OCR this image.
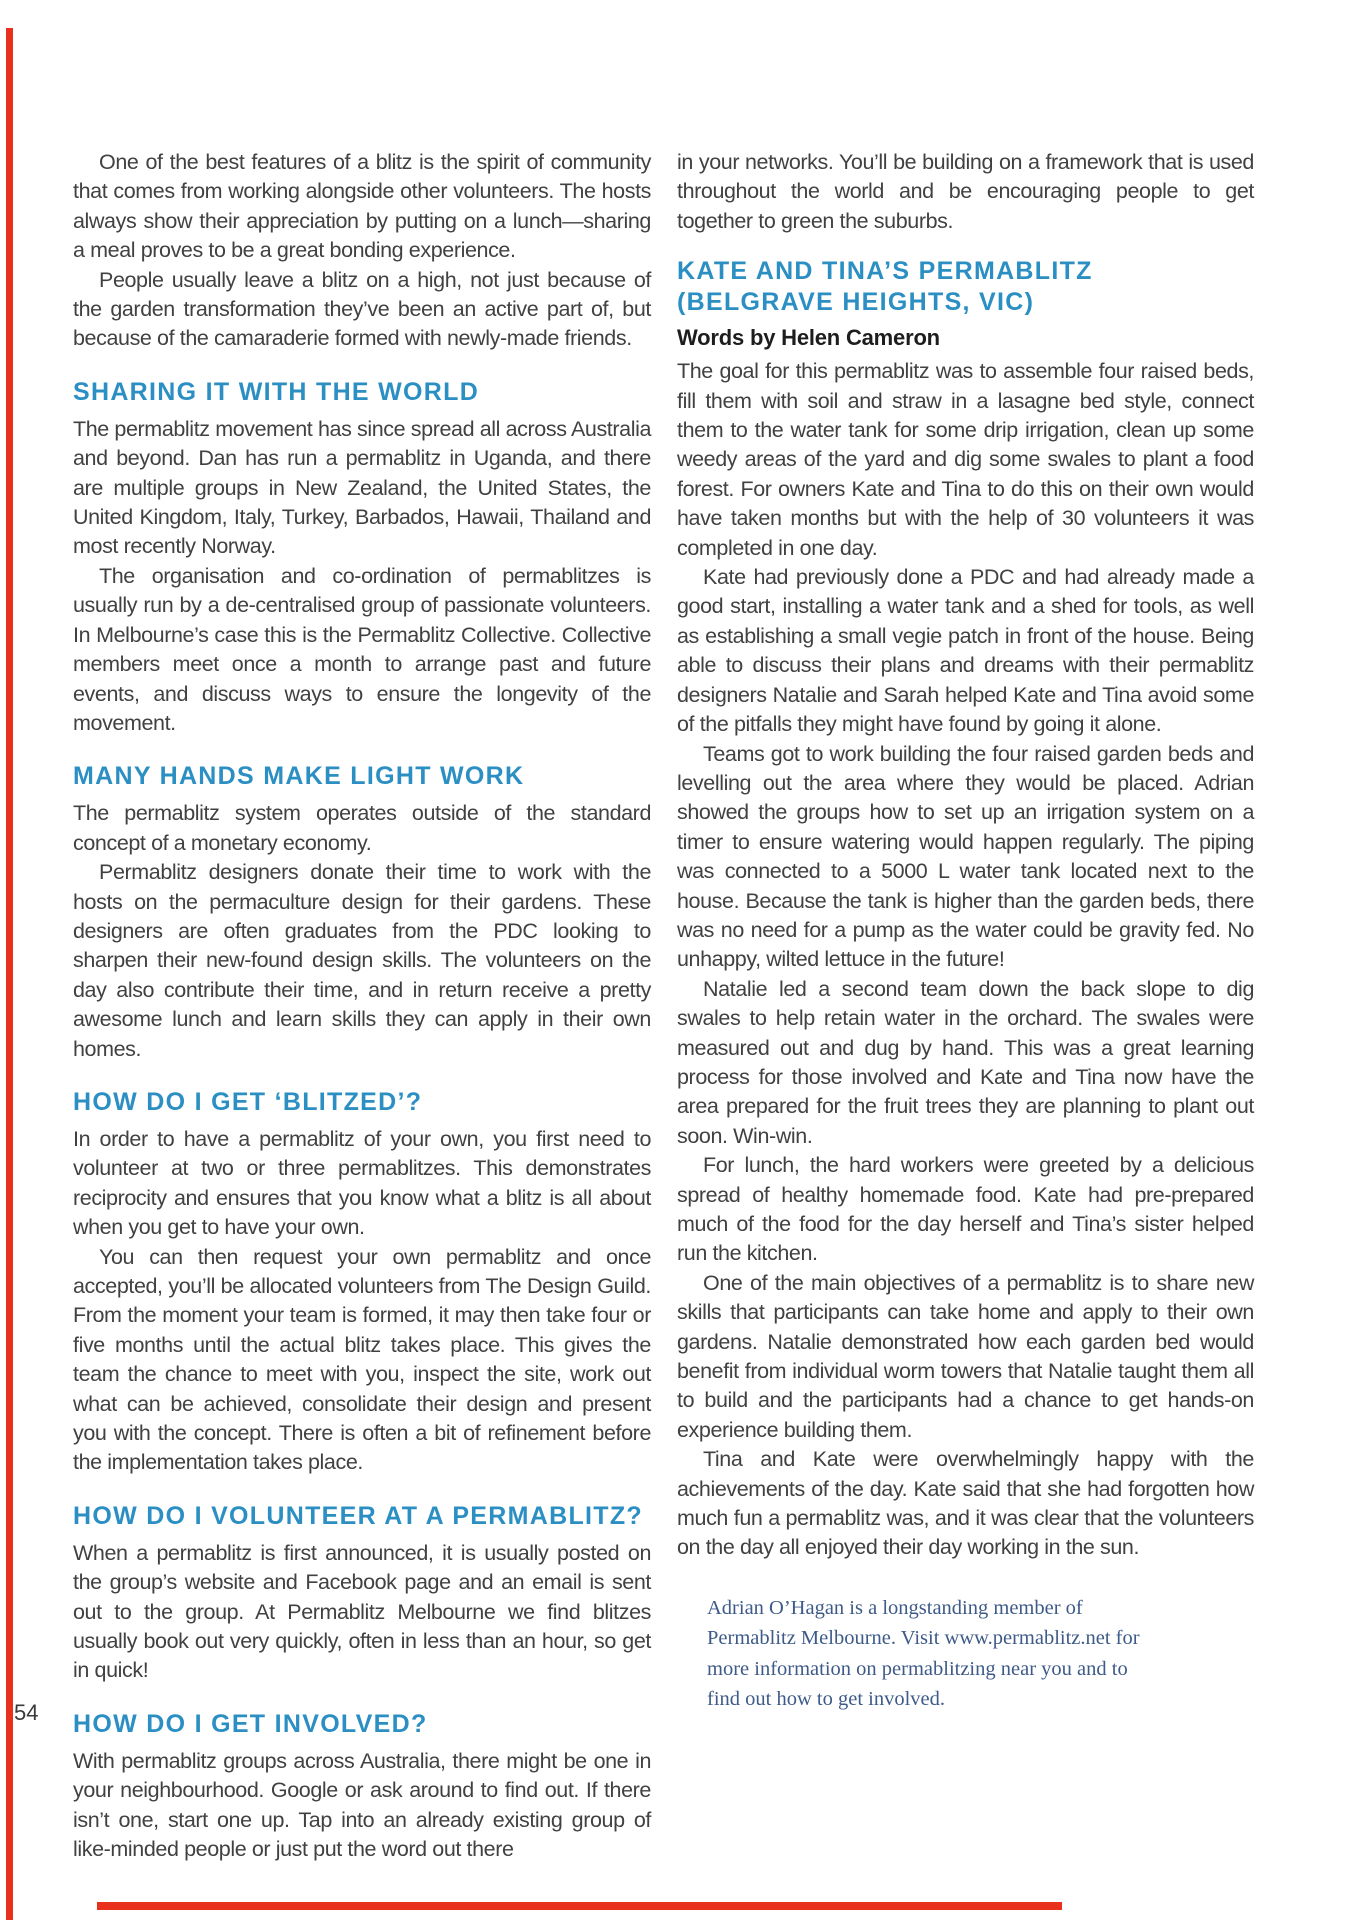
54

One of the best features of a blitz is the spirit of community that comes from working alongside other volunteers. The hosts always show their appreciation by putting on a lunch—sharing a meal proves to be a great bonding experience.

People usually leave a blitz on a high, not just because of the garden transformation they’ve been an active part of, but because of the camaraderie formed with newly-made friends.

SHARING IT WITH THE WORLD

The permablitz movement has since spread all across Australia and beyond. Dan has run a permablitz in Uganda, and there are multiple groups in New Zealand, the United States, the United Kingdom, Italy, Turkey, Barbados, Hawaii, Thailand and most recently Norway.

The organisation and co-ordination of permablitzes is usually run by a de-centralised group of passionate volunteers. In Melbourne’s case this is the Permablitz Collective. Collective members meet once a month to arrange past and future events, and discuss ways to ensure the longevity of the movement.

MANY HANDS MAKE LIGHT WORK

The permablitz system operates outside of the standard concept of a monetary economy.

Permablitz designers donate their time to work with the hosts on the permaculture design for their gardens. These designers are often graduates from the PDC looking to sharpen their new-found design skills. The volunteers on the day also contribute their time, and in return receive a pretty awesome lunch and learn skills they can apply in their own homes.

HOW DO I GET ‘BLITZED’?

In order to have a permablitz of your own, you first need to volunteer at two or three permablitzes. This demonstrates reciprocity and ensures that you know what a blitz is all about when you get to have your own.

You can then request your own permablitz and once accepted, you’ll be allocated volunteers from The Design Guild. From the moment your team is formed, it may then take four or five months until the actual blitz takes place. This gives the team the chance to meet with you, inspect the site, work out what can be achieved, consolidate their design and present you with the concept. There is often a bit of refinement before the implementation takes place.

HOW DO I VOLUNTEER AT A PERMABLITZ?

When a permablitz is first announced, it is usually posted on the group’s website and Facebook page and an email is sent out to the group. At Permablitz Melbourne we find blitzes usually book out very quickly, often in less than an hour, so get in quick!

HOW DO I GET INVOLVED?

With permablitz groups across Australia, there might be one in your neighbourhood. Google or ask around to find out. If there isn’t one, start one up. Tap into an already existing group of like-minded people or just put the word out there

in your networks. You’ll be building on a framework that is used throughout the world and be encouraging people to get together to green the suburbs.

KATE AND TINA’S PERMABLITZ
(BELGRAVE HEIGHTS, VIC)

Words by Helen Cameron

The goal for this permablitz was to assemble four raised beds, fill them with soil and straw in a lasagne bed style, connect them to the water tank for some drip irrigation, clean up some weedy areas of the yard and dig some swales to plant a food forest. For owners Kate and Tina to do this on their own would have taken months but with the help of 30 volunteers it was completed in one day.

Kate had previously done a PDC and had already made a good start, installing a water tank and a shed for tools, as well as establishing a small vegie patch in front of the house. Being able to discuss their plans and dreams with their permablitz designers Natalie and Sarah helped Kate and Tina avoid some of the pitfalls they might have found by going it alone.

Teams got to work building the four raised garden beds and levelling out the area where they would be placed. Adrian showed the groups how to set up an irrigation system on a timer to ensure watering would happen regularly. The piping was connected to a 5000 L water tank located next to the house. Because the tank is higher than the garden beds, there was no need for a pump as the water could be gravity fed. No unhappy, wilted lettuce in the future!

Natalie led a second team down the back slope to dig swales to help retain water in the orchard. The swales were measured out and dug by hand. This was a great learning process for those involved and Kate and Tina now have the area prepared for the fruit trees they are planning to plant out soon. Win-win.

For lunch, the hard workers were greeted by a delicious spread of healthy homemade food. Kate had pre-prepared much of the food for the day herself and Tina’s sister helped run the kitchen.

One of the main objectives of a permablitz is to share new skills that participants can take home and apply to their own gardens. Natalie demonstrated how each garden bed would benefit from individual worm towers that Natalie taught them all to build and the participants had a chance to get hands-on experience building them.

Tina and Kate were overwhelmingly happy with the achievements of the day. Kate said that she had forgotten how much fun a permablitz was, and it was clear that the volunteers on the day all enjoyed their day working in the sun.

Adrian O’Hagan is a longstanding member of Permablitz Melbourne. Visit www.permablitz.net for more information on permablitzing near you and to find out how to get involved.
